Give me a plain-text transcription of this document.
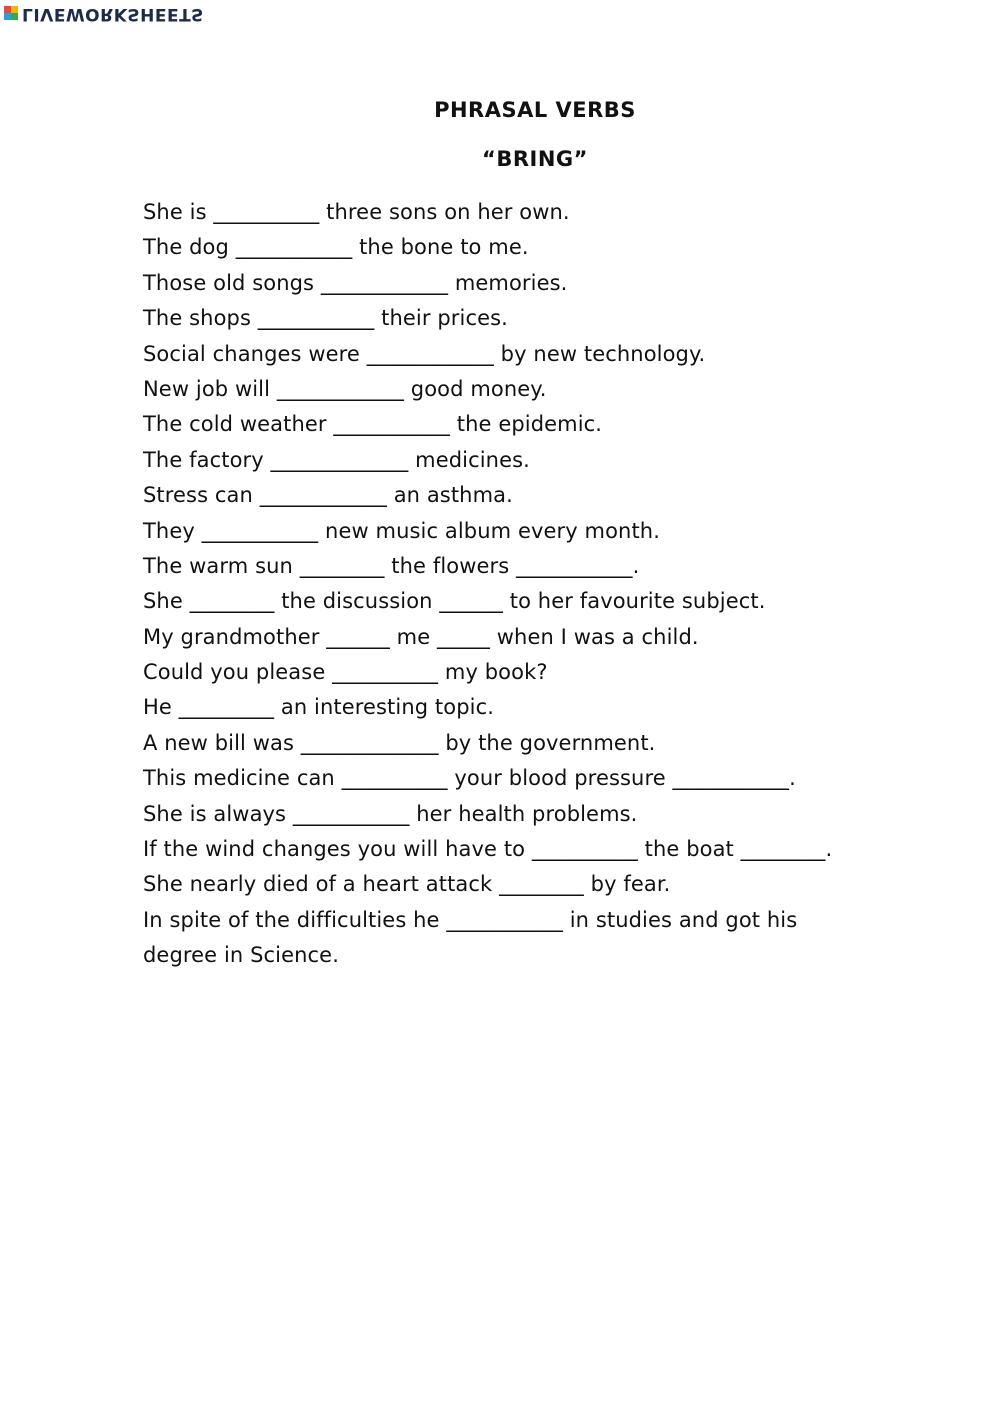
LIVEWORKSHEETS
PHRASAL VERBS
“BRING”
She is __________ three sons on her own.
The dog ___________ the bone to me.
Those old songs ____________ memories.
The shops ___________ their prices.
Social changes were ____________ by new technology.
New job will ____________ good money.
The cold weather ___________ the epidemic.
The factory _____________ medicines.
Stress can ____________ an asthma.
They ___________ new music album every month.
The warm sun ________ the flowers ___________.
She ________ the discussion ______ to her favourite subject.
My grandmother ______ me _____ when I was a child.
Could you please __________ my book?
He _________ an interesting topic.
A new bill was _____________ by the government.
This medicine can __________ your blood pressure ___________.
She is always ___________ her health problems.
If the wind changes you will have to __________ the boat ________.
She nearly died of a heart attack ________ by fear.
In spite of the difficulties he ___________ in studies and got his
degree in Science.
